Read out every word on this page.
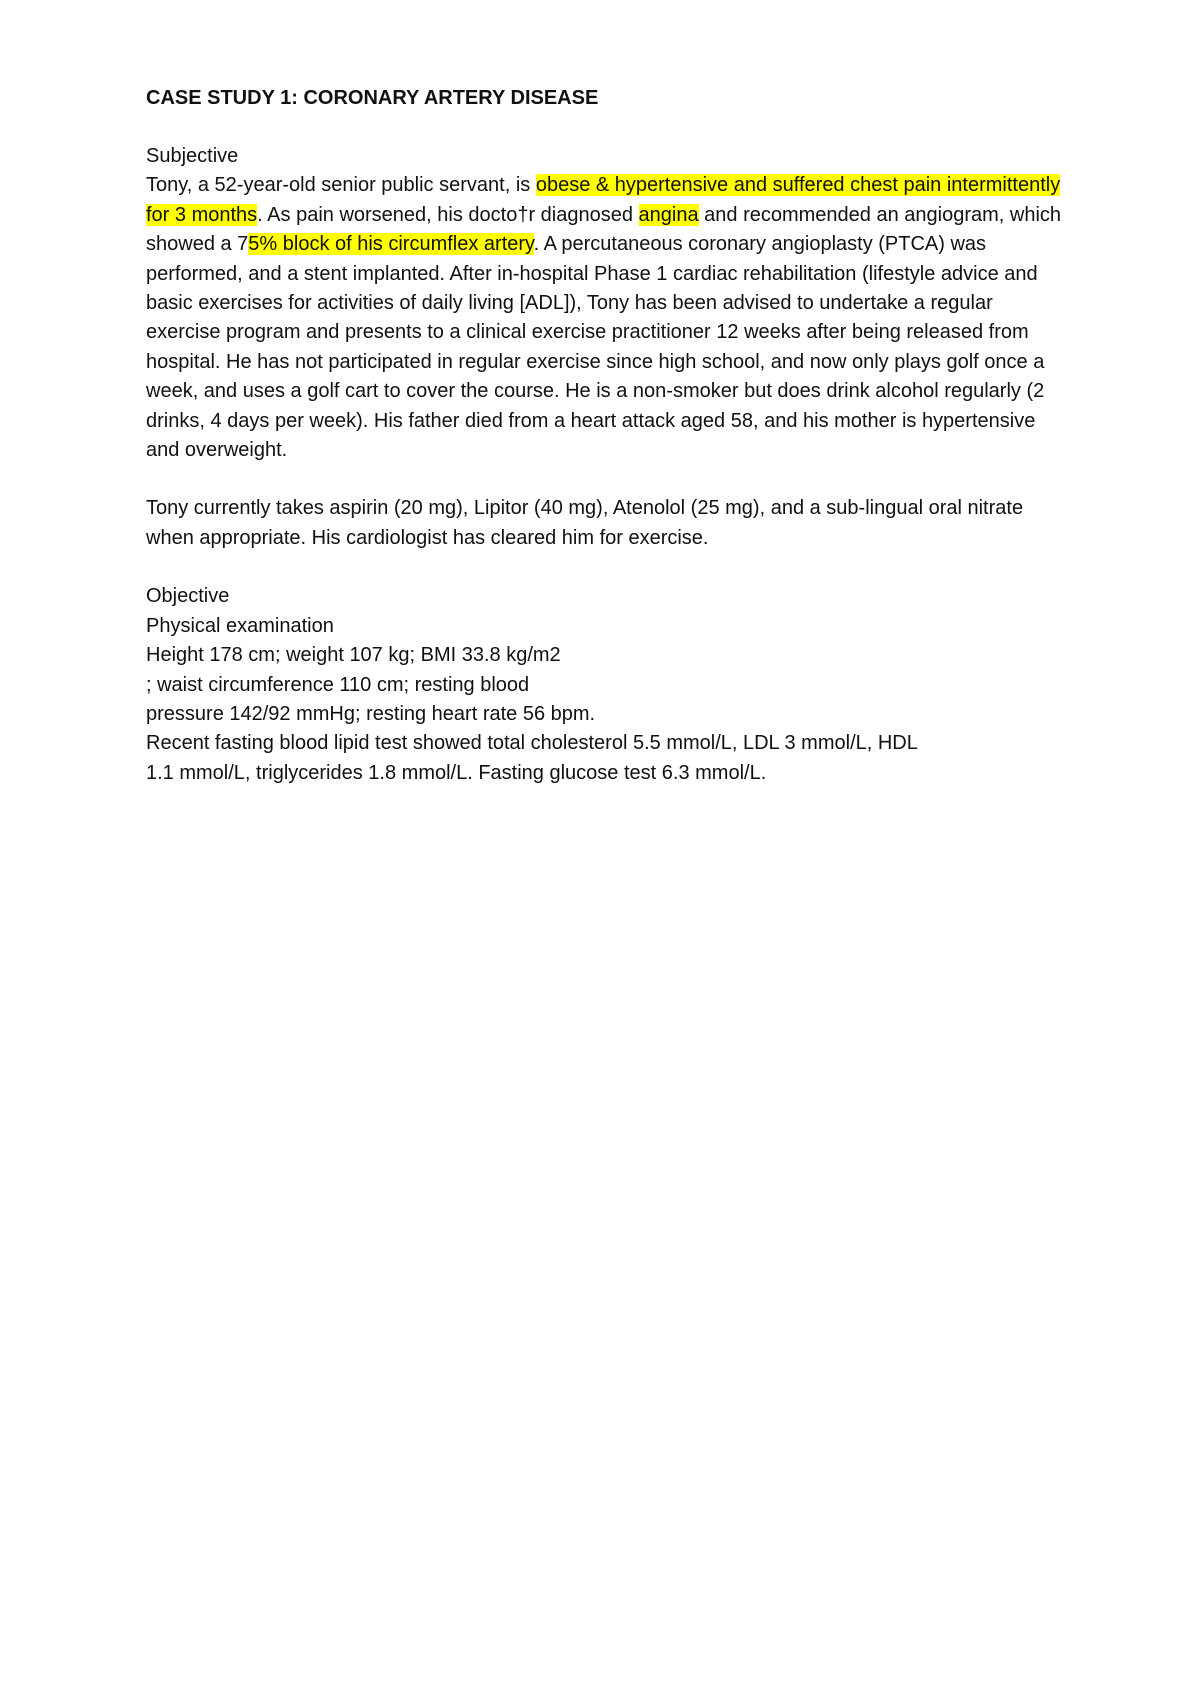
CASE STUDY 1: CORONARY ARTERY DISEASE
Subjective
Tony, a 52-year-old senior public servant, is obese & hypertensive and suffered chest pain intermittently for 3 months. As pain worsened, his docto†r diagnosed angina and recommended an angiogram, which showed a 75% block of his circumflex artery. A percutaneous coronary angioplasty (PTCA) was performed, and a stent implanted. After in-hospital Phase 1 cardiac rehabilitation (lifestyle advice and basic exercises for activities of daily living [ADL]), Tony has been advised to undertake a regular exercise program and presents to a clinical exercise practitioner 12 weeks after being released from hospital. He has not participated in regular exercise since high school, and now only plays golf once a week, and uses a golf cart to cover the course. He is a non-smoker but does drink alcohol regularly (2 drinks, 4 days per week). His father died from a heart attack aged 58, and his mother is hypertensive and overweight.
Tony currently takes aspirin (20 mg), Lipitor (40 mg), Atenolol (25 mg), and a sub-lingual oral nitrate when appropriate. His cardiologist has cleared him for exercise.
Objective
Physical examination
Height 178 cm; weight 107 kg; BMI 33.8 kg/m2
; waist circumference 110 cm; resting blood
pressure 142/92 mmHg; resting heart rate 56 bpm.
Recent fasting blood lipid test showed total cholesterol 5.5 mmol/L, LDL 3 mmol/L, HDL
1.1 mmol/L, triglycerides 1.8 mmol/L. Fasting glucose test 6.3 mmol/L.
